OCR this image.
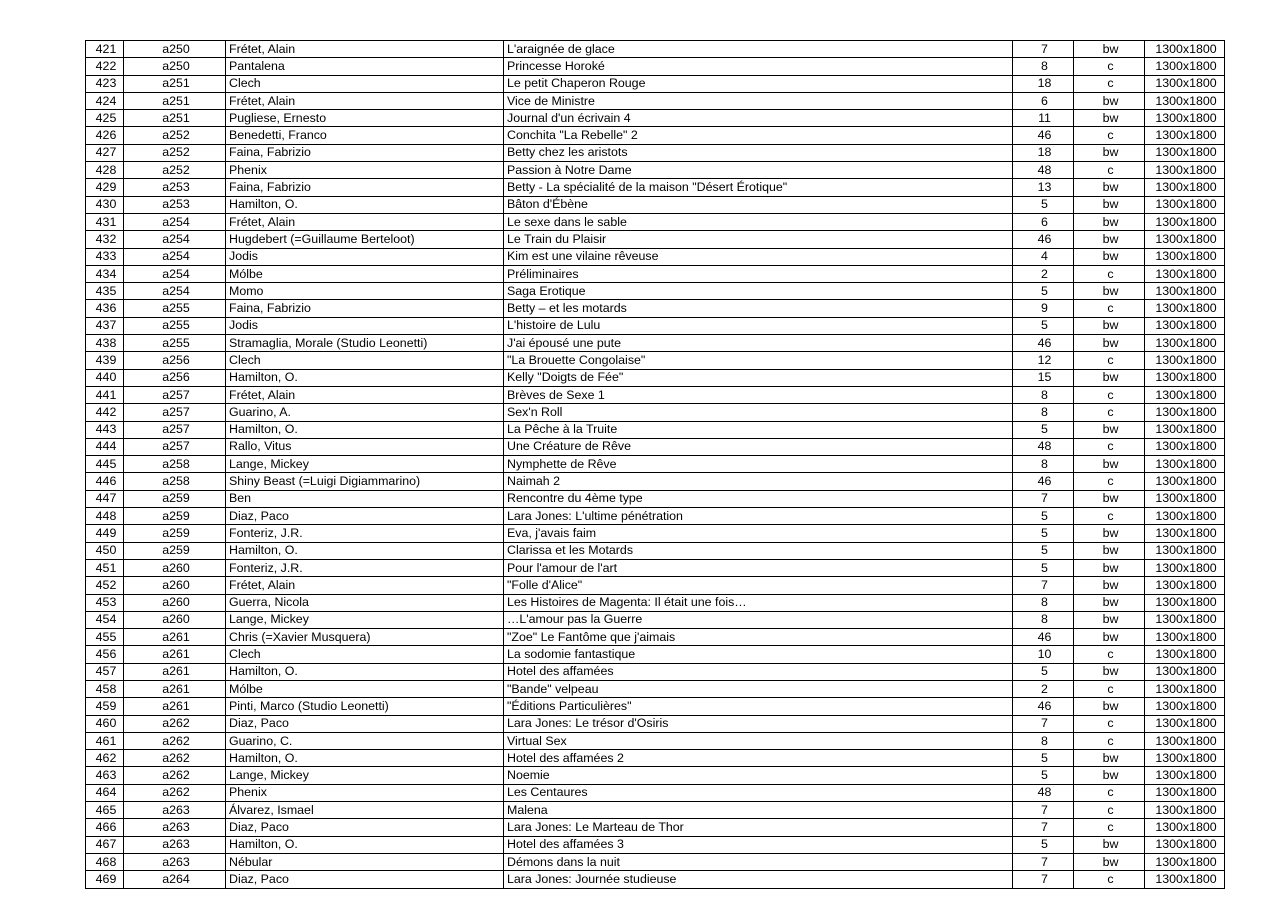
421	a250	Frétet, Alain	L'araignée de glace	7	bw	1300x1800
422	a250	Pantalena	Princesse Horoké	8	c	1300x1800
423	a251	Clech	Le petit Chaperon Rouge	18	c	1300x1800
424	a251	Frétet, Alain	Vice de Ministre	6	bw	1300x1800
425	a251	Pugliese, Ernesto	Journal d'un écrivain 4	11	bw	1300x1800
426	a252	Benedetti, Franco	Conchita "La Rebelle" 2	46	c	1300x1800
427	a252	Faina, Fabrizio	Betty chez les aristots	18	bw	1300x1800
428	a252	Phenix	Passion à Notre Dame	48	c	1300x1800
429	a253	Faina, Fabrizio	Betty - La spécialité de la maison "Désert Érotique"	13	bw	1300x1800
430	a253	Hamilton, O.	Bâton d'Ébène	5	bw	1300x1800
431	a254	Frétet, Alain	Le sexe dans le sable	6	bw	1300x1800
432	a254	Hugdebert (=Guillaume Berteloot)	Le Train du Plaisir	46	bw	1300x1800
433	a254	Jodis	Kim est une vilaine rêveuse	4	bw	1300x1800
434	a254	Mólbe	Préliminaires	2	c	1300x1800
435	a254	Momo	Saga Erotique	5	bw	1300x1800
436	a255	Faina, Fabrizio	Betty – et les motards	9	c	1300x1800
437	a255	Jodis	L'histoire de Lulu	5	bw	1300x1800
438	a255	Stramaglia, Morale (Studio Leonetti)	J'ai épousé une pute	46	bw	1300x1800
439	a256	Clech	"La Brouette Congolaise"	12	c	1300x1800
440	a256	Hamilton, O.	Kelly "Doigts de Fée"	15	bw	1300x1800
441	a257	Frétet, Alain	Brèves de Sexe 1	8	c	1300x1800
442	a257	Guarino, A.	Sex'n Roll	8	c	1300x1800
443	a257	Hamilton, O.	La Pêche à la Truite	5	bw	1300x1800
444	a257	Rallo, Vitus	Une Créature de Rêve	48	c	1300x1800
445	a258	Lange, Mickey	Nymphette de Rêve	8	bw	1300x1800
446	a258	Shiny Beast (=Luigi Digiammarino)	Naimah 2	46	c	1300x1800
447	a259	Ben	Rencontre du 4ème type	7	bw	1300x1800
448	a259	Diaz, Paco	Lara Jones: L'ultime pénétration	5	c	1300x1800
449	a259	Fonteriz, J.R.	Eva, j'avais faim	5	bw	1300x1800
450	a259	Hamilton, O.	Clarissa et les Motards	5	bw	1300x1800
451	a260	Fonteriz, J.R.	Pour l'amour de l'art	5	bw	1300x1800
452	a260	Frétet, Alain	"Folle d'Alice"	7	bw	1300x1800
453	a260	Guerra, Nicola	Les Histoires de Magenta: Il était une fois…	8	bw	1300x1800
454	a260	Lange, Mickey	…L'amour pas la Guerre	8	bw	1300x1800
455	a261	Chris (=Xavier Musquera)	"Zoe" Le Fantôme que j'aimais	46	bw	1300x1800
456	a261	Clech	La sodomie fantastique	10	c	1300x1800
457	a261	Hamilton, O.	Hotel des affamées	5	bw	1300x1800
458	a261	Mólbe	"Bande" velpeau	2	c	1300x1800
459	a261	Pinti, Marco (Studio Leonetti)	"Éditions Particulières"	46	bw	1300x1800
460	a262	Diaz, Paco	Lara Jones: Le trésor d'Osiris	7	c	1300x1800
461	a262	Guarino, C.	Virtual Sex	8	c	1300x1800
462	a262	Hamilton, O.	Hotel des affamées 2	5	bw	1300x1800
463	a262	Lange, Mickey	Noemie	5	bw	1300x1800
464	a262	Phenix	Les Centaures	48	c	1300x1800
465	a263	Álvarez, Ismael	Malena	7	c	1300x1800
466	a263	Diaz, Paco	Lara Jones: Le Marteau de Thor	7	c	1300x1800
467	a263	Hamilton, O.	Hotel des affamées 3	5	bw	1300x1800
468	a263	Nébular	Démons dans la nuit	7	bw	1300x1800
469	a264	Diaz, Paco	Lara Jones: Journée studieuse	7	c	1300x1800
